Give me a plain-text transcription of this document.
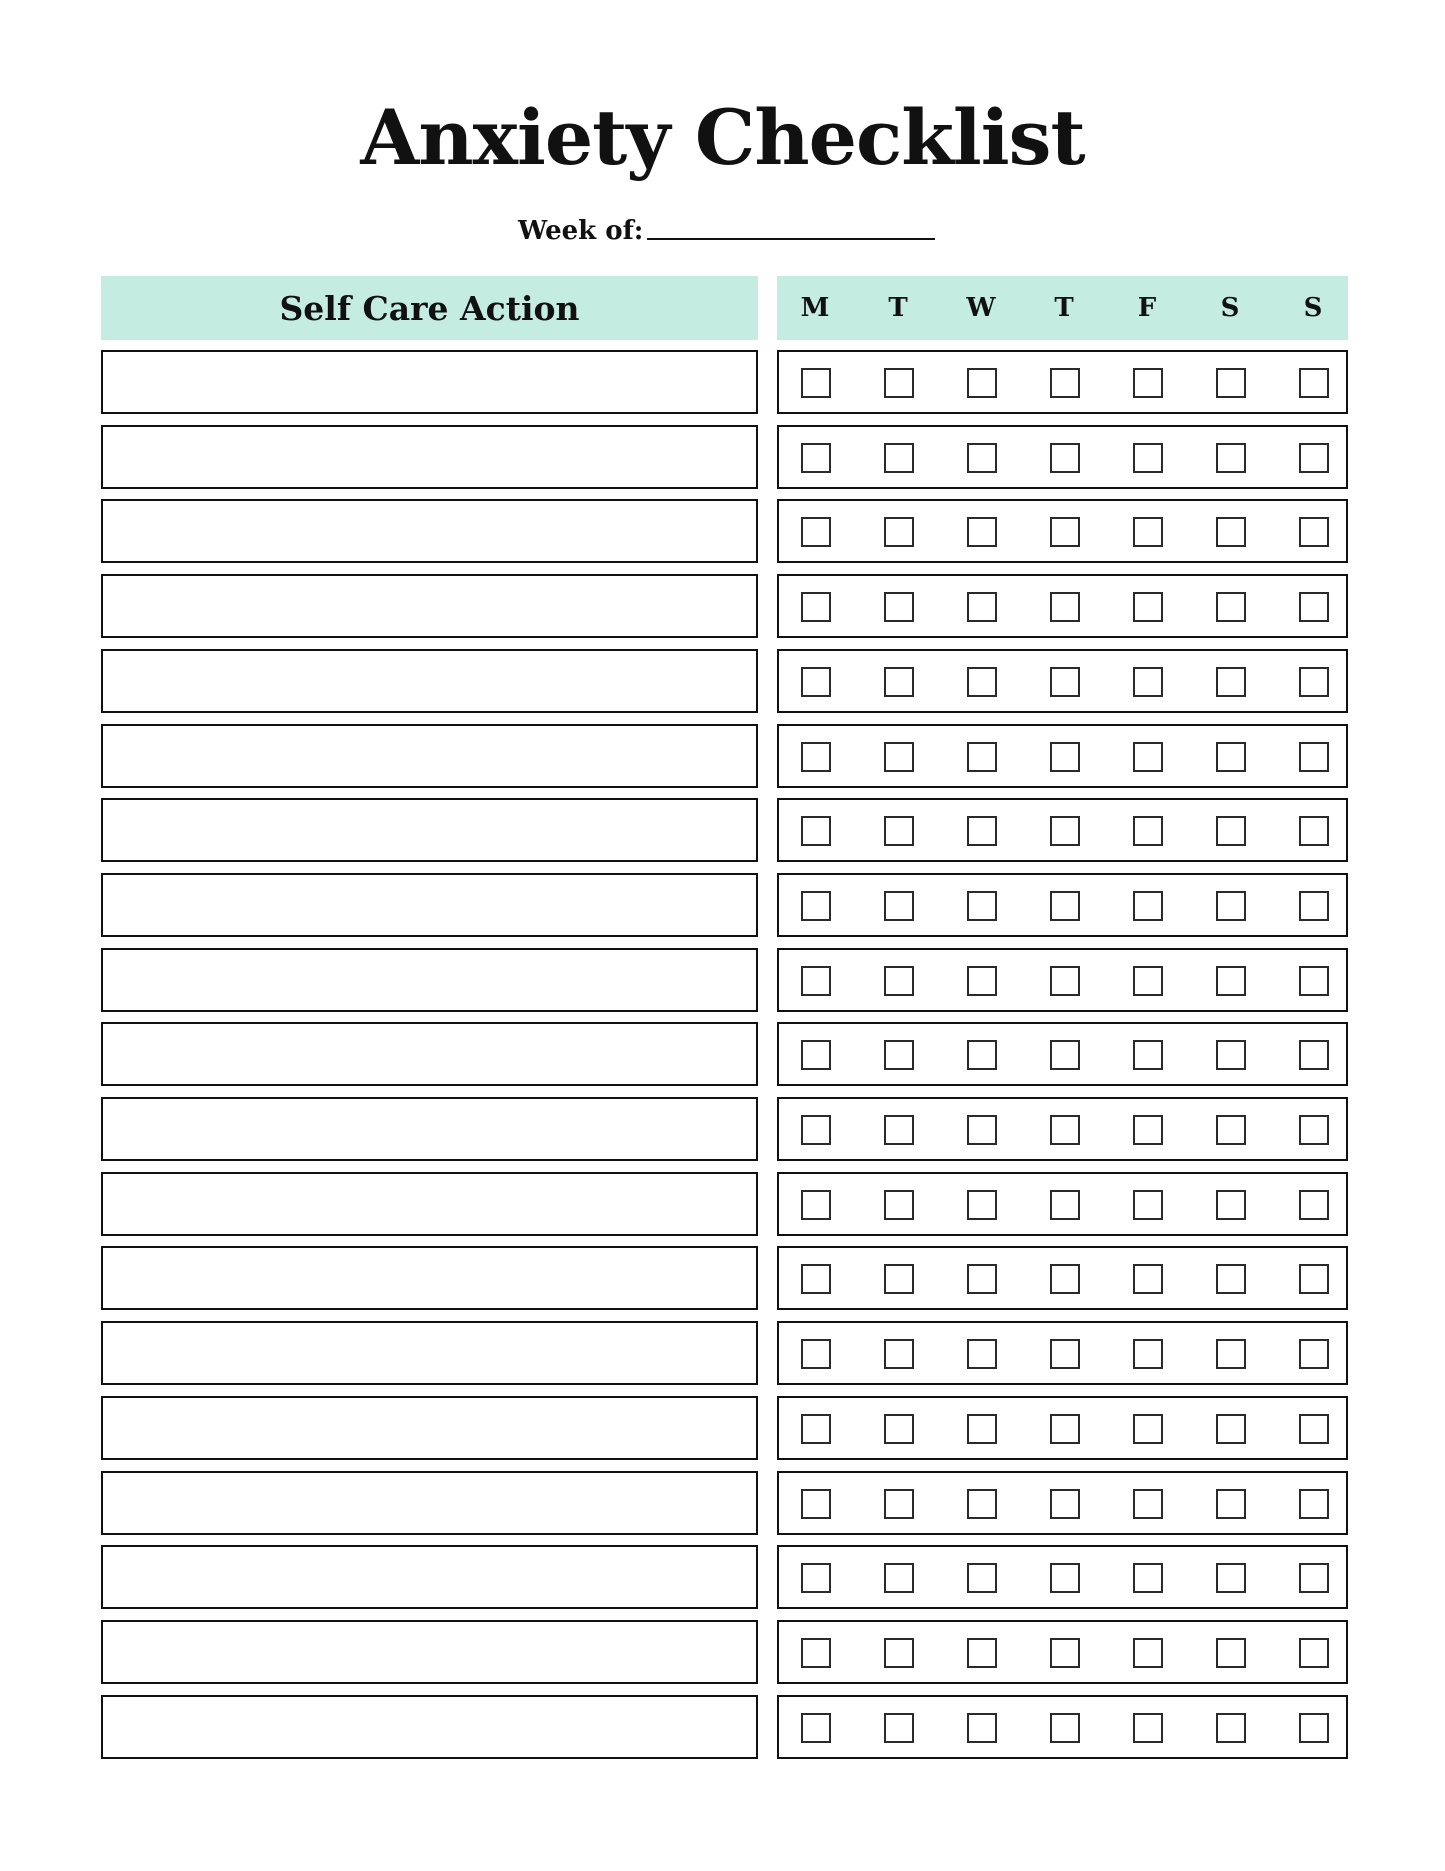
Anxiety Checklist
Week of:
Self Care Action	M	T	W	T	F	S	S
